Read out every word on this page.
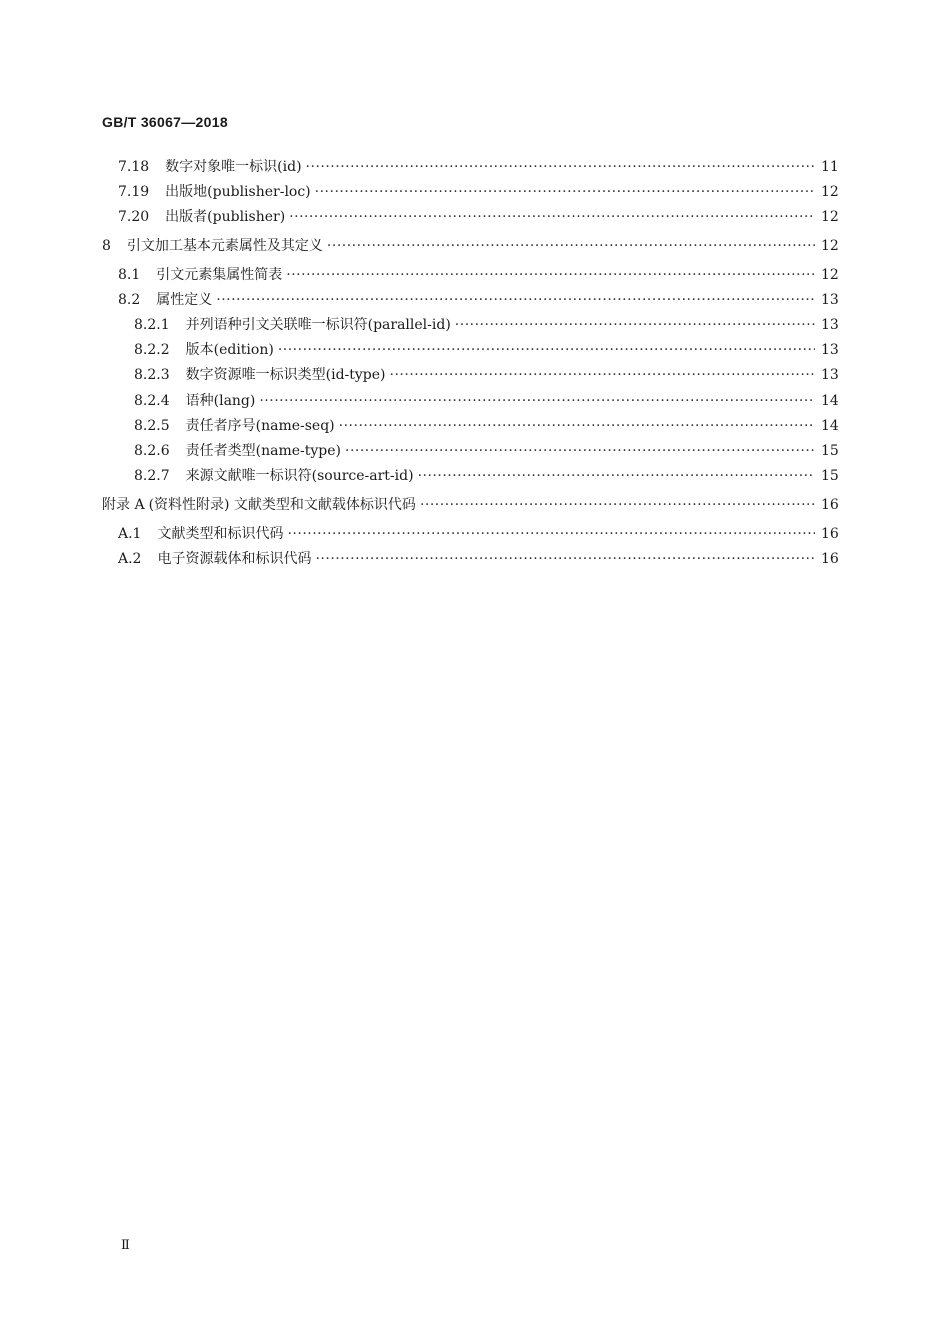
GB/T 36067—2018
7.18 数字对象唯一标识(id) ·····	11
7.19 出版地(publisher-loc) ·····	12
7.20 出版者(publisher) ·····	12
8 引文加工基本元素属性及其定义 ·····	12
8.1 引文元素集属性简表 ·····	12
8.2 属性定义 ·····	13
8.2.1 并列语种引文关联唯一标识符(parallel-id) ·····	13
8.2.2 版本(edition) ·····	13
8.2.3 数字资源唯一标识类型(id-type) ·····	13
8.2.4 语种(lang) ·····	14
8.2.5 责任者序号(name-seq) ·····	14
8.2.6 责任者类型(name-type) ·····	15
8.2.7 来源文献唯一标识符(source-art-id) ·····	15
附录 A (资料性附录) 文献类型和文献载体标识代码 ·····	16
A.1 文献类型和标识代码 ·····	16
A.2 电子资源载体和标识代码 ·····	16
Ⅱ
